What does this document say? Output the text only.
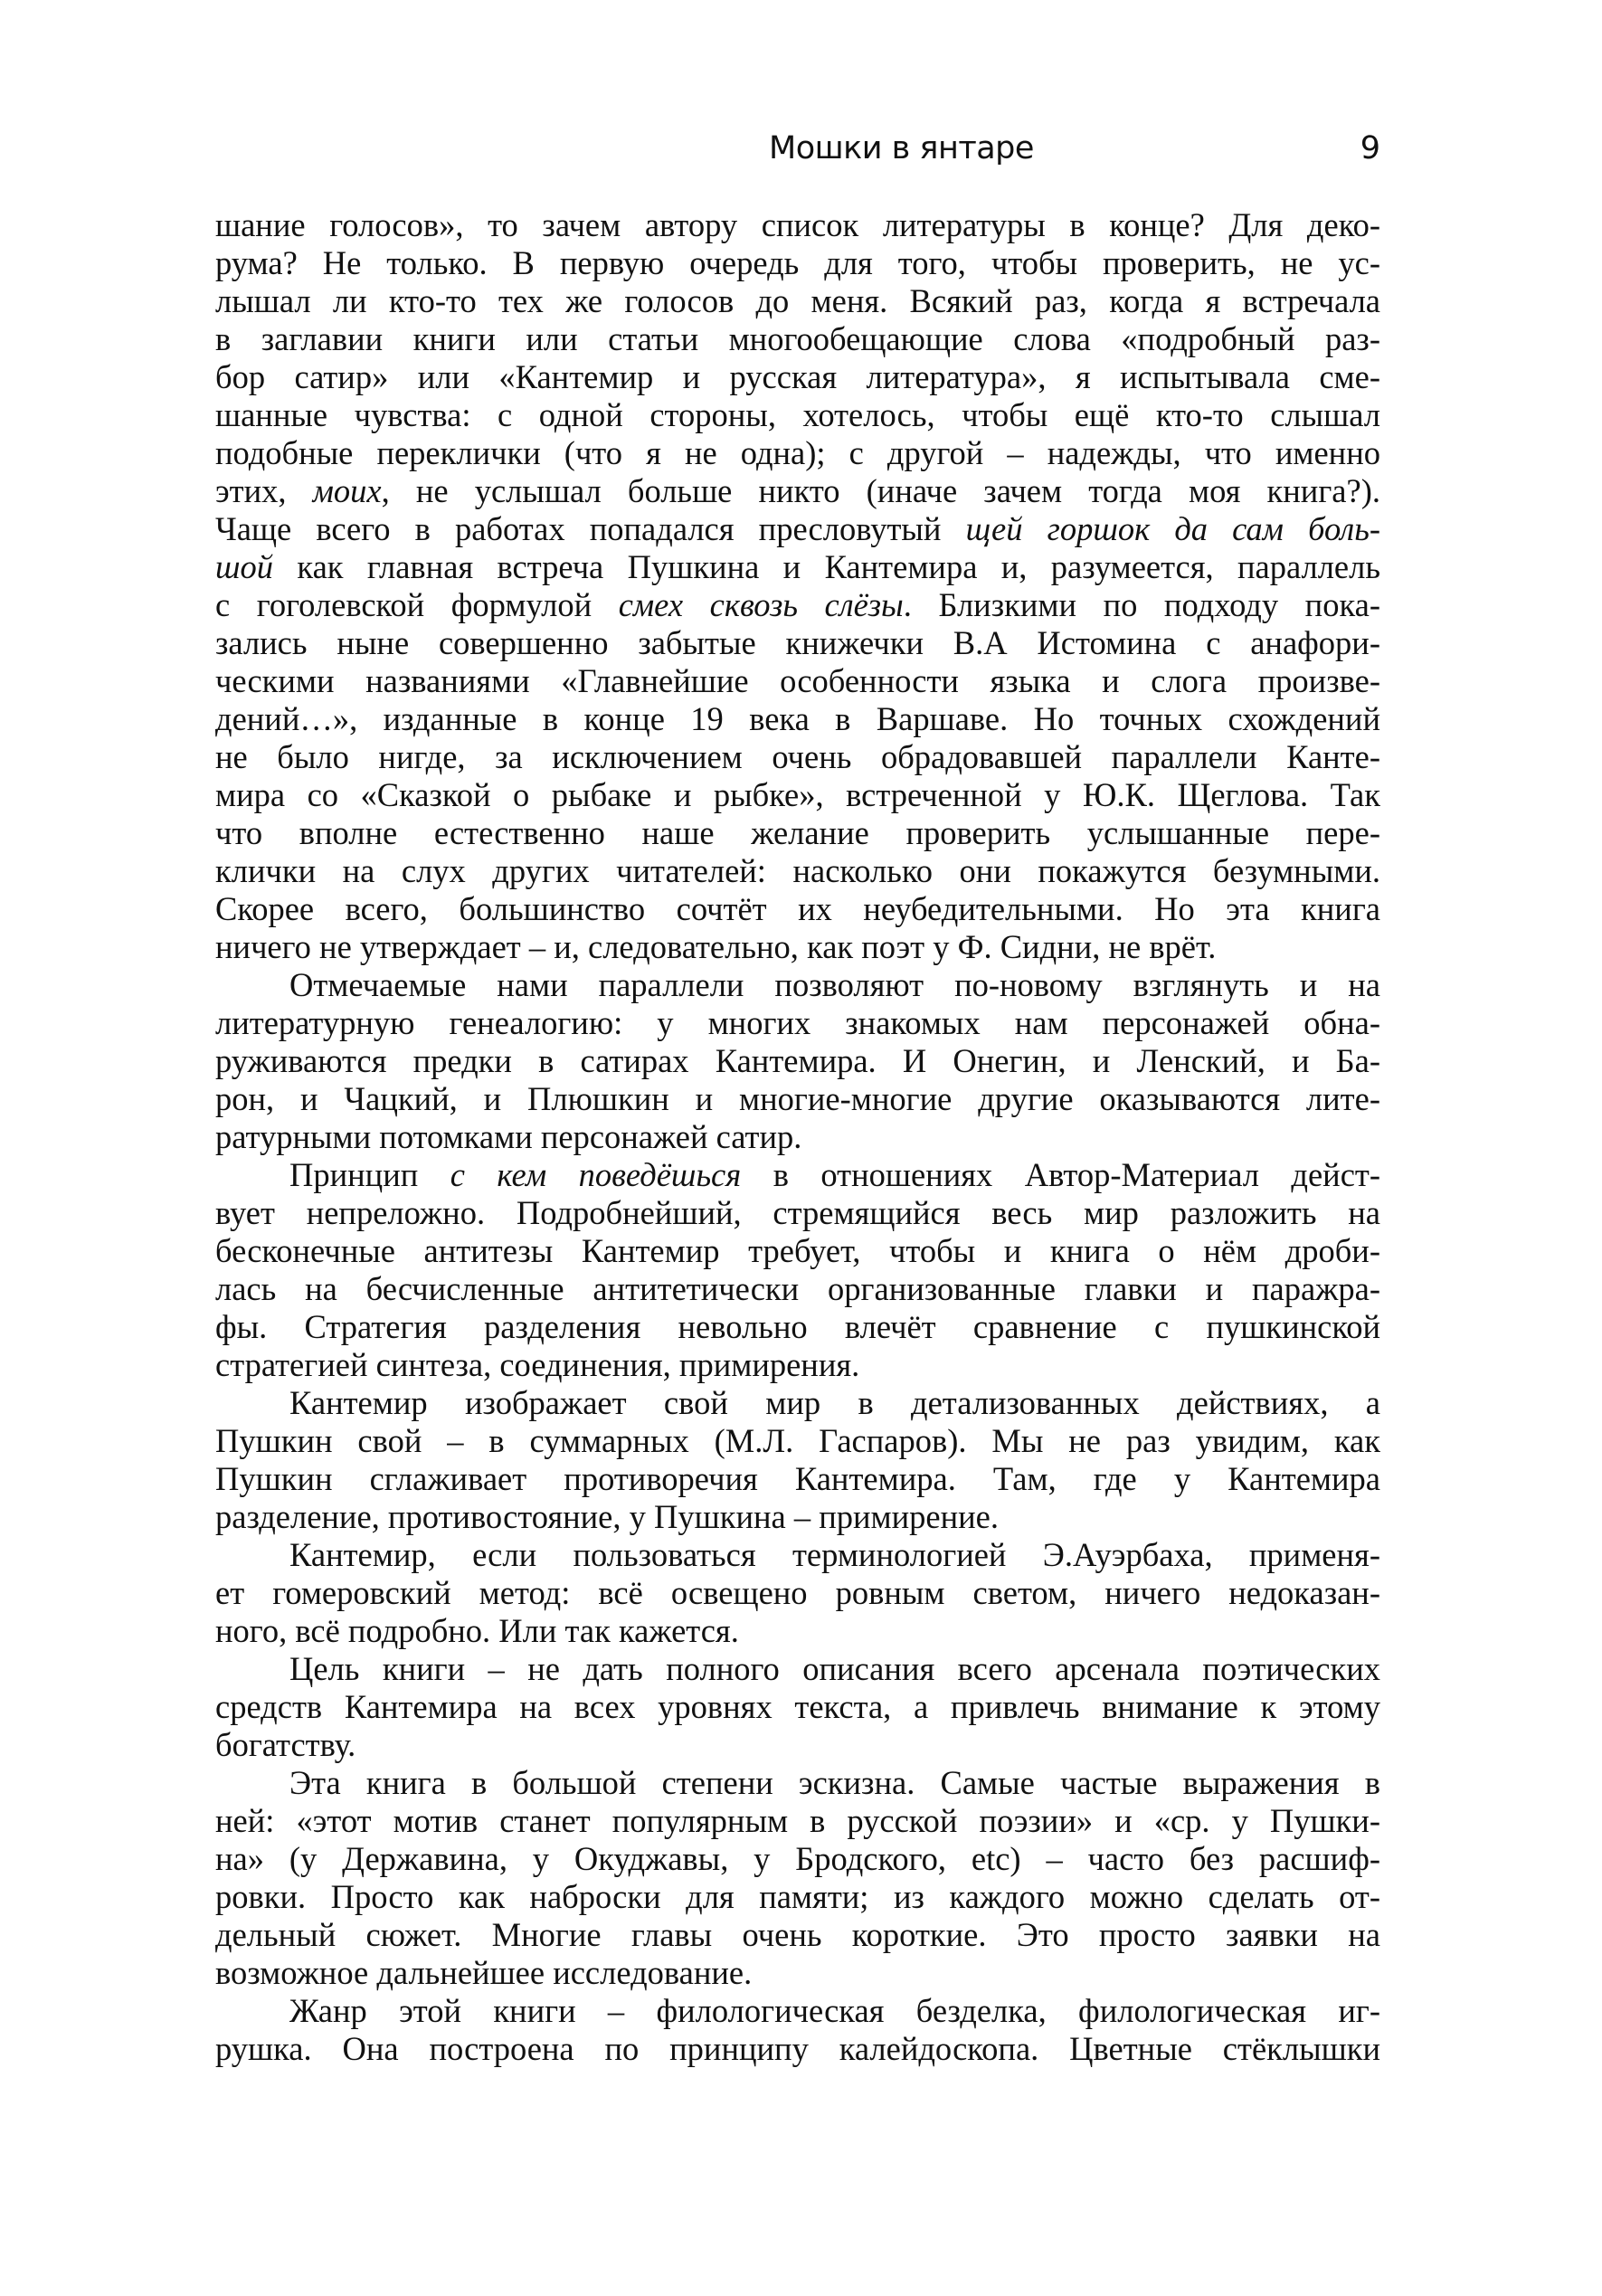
Мошки в янтаре	9
шание голосов», то зачем автору список литературы в конце? Для деко-
рума? Не только. В первую очередь для того, чтобы проверить, не ус-
лышал ли кто-то тех же голосов до меня. Всякий раз, когда я встречала
в заглавии книги или статьи многообещающие слова «подробный раз-
бор сатир» или «Кантемир и русская литература», я испытывала сме-
шанные чувства: с одной стороны, хотелось, чтобы ещё кто-то слышал
подобные переклички (что я не одна); с другой – надежды, что именно
этих, моих, не услышал больше никто (иначе зачем тогда моя книга?).
Чаще всего в работах попадался пресловутый щей горшок да сам боль-
шой как главная встреча Пушкина и Кантемира и, разумеется, параллель
с гоголевской формулой смех сквозь слёзы. Близкими по подходу пока-
зались ныне совершенно забытые книжечки В.А Истомина с анафори-
ческими названиями «Главнейшие особенности языка и слога произве-
дений…», изданные в конце 19 века в Варшаве. Но точных схождений
не было нигде, за исключением очень обрадовавшей параллели Канте-
мира со «Сказкой о рыбаке и рыбке», встреченной у Ю.К. Щеглова. Так
что вполне естественно наше желание проверить услышанные пере-
клички на слух других читателей: насколько они покажутся безумными.
Скорее всего, большинство сочтёт их неубедительными. Но эта книга
ничего не утверждает – и, следовательно, как поэт у Ф. Сидни, не врёт.
Отмечаемые нами параллели позволяют по-новому взглянуть и на
литературную генеалогию: у многих знакомых нам персонажей обна-
руживаются предки в сатирах Кантемира. И Онегин, и Ленский, и Ба-
рон, и Чацкий, и Плюшкин и многие-многие другие оказываются лите-
ратурными потомками персонажей сатир.
Принцип с кем поведёшься в отношениях Автор-Материал дейст-
вует непреложно. Подробнейший, стремящийся весь мир разложить на
бесконечные антитезы Кантемир требует, чтобы и книга о нём дроби-
лась на бесчисленные антитетически организованные главки и паражра-
фы. Стратегия разделения невольно влечёт сравнение с пушкинской
стратегией синтеза, соединения, примирения.
Кантемир изображает свой мир в детализованных действиях, а
Пушкин свой – в суммарных (М.Л. Гаспаров). Мы не раз увидим, как
Пушкин сглаживает противоречия Кантемира. Там, где у Кантемира
разделение, противостояние, у Пушкина – примирение.
Кантемир, если пользоваться терминологией Э.Ауэрбаха, применя-
ет гомеровский метод: всё освещено ровным светом, ничего недоказан-
ного, всё подробно. Или так кажется.
Цель книги – не дать полного описания всего арсенала поэтических
средств Кантемира на всех уровнях текста, а привлечь внимание к этому
богатству.
Эта книга в большой степени эскизна. Самые частые выражения в
ней: «этот мотив станет популярным в русской поэзии» и «ср. у Пушки-
на» (у Державина, у Окуджавы, у Бродского, etc) – часто без расшиф-
ровки. Просто как наброски для памяти; из каждого можно сделать от-
дельный сюжет. Многие главы очень короткие. Это просто заявки на
возможное дальнейшее исследование.
Жанр этой книги – филологическая безделка, филологическая иг-
рушка. Она построена по принципу калейдоскопа. Цветные стёклышки
